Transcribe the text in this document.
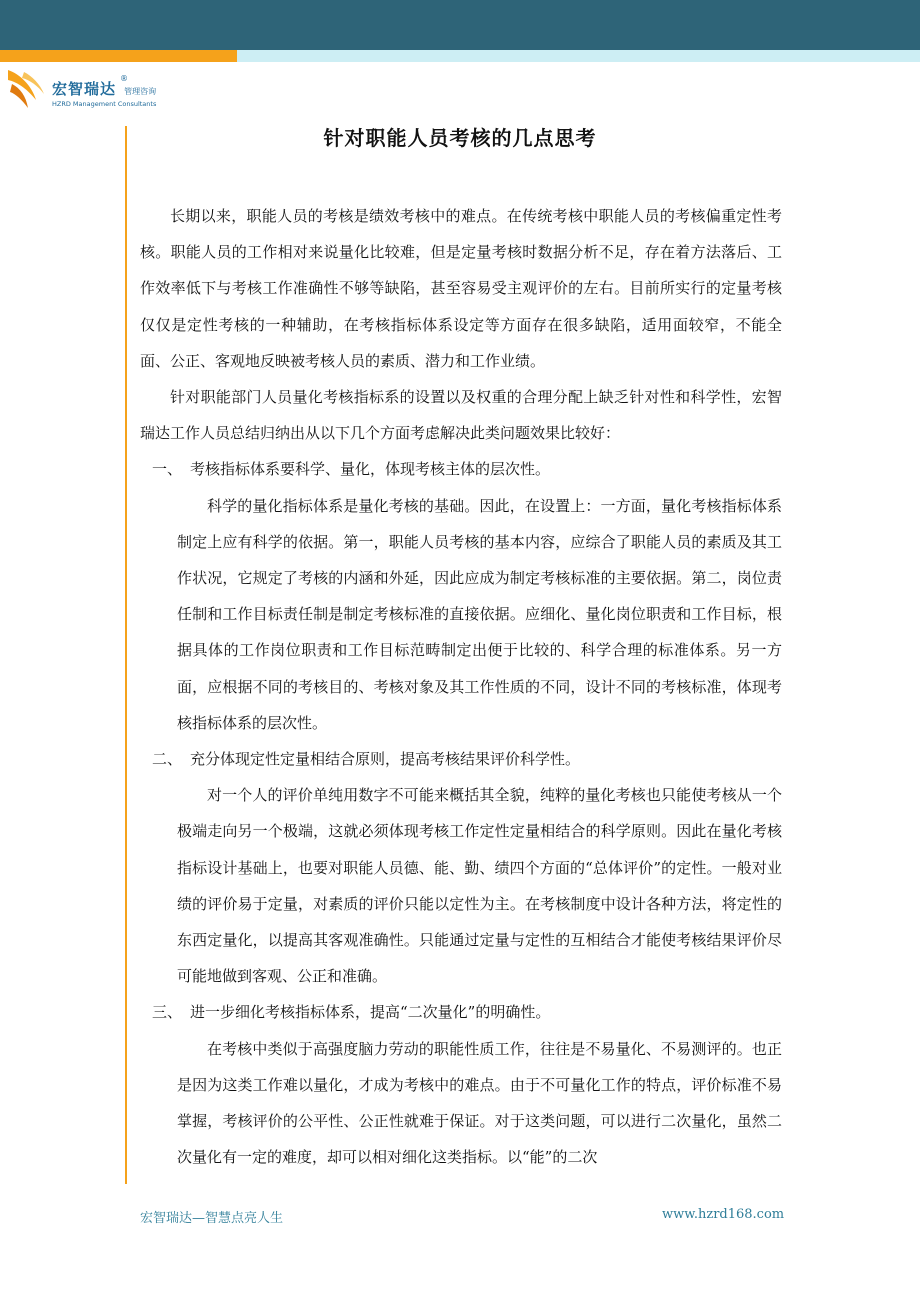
宏智瑞达
®
管理咨询
HZRD Management Consultants
针对职能人员考核的几点思考

长期以来，职能人员的考核是绩效考核中的难点。在传统考核中职能人员的考核偏重定性考核。职能人员的工作相对来说量化比较难，但是定量考核时数据分析不足，存在着方法落后、工作效率低下与考核工作准确性不够等缺陷，甚至容易受主观评价的左右。目前所实行的定量考核仅仅是定性考核的一种辅助，在考核指标体系设定等方面存在很多缺陷，适用面较窄，不能全面、公正、客观地反映被考核人员的素质、潜力和工作业绩。

针对职能部门人员量化考核指标系的设置以及权重的合理分配上缺乏针对性和科学性，宏智瑞达工作人员总结归纳出从以下几个方面考虑解决此类问题效果比较好：

一、 考核指标体系要科学、量化，体现考核主体的层次性。

科学的量化指标体系是量化考核的基础。因此，在设置上：一方面，量化考核指标体系制定上应有科学的依据。第一，职能人员考核的基本内容，应综合了职能人员的素质及其工作状况，它规定了考核的内涵和外延，因此应成为制定考核标准的主要依据。第二，岗位责任制和工作目标责任制是制定考核标准的直接依据。应细化、量化岗位职责和工作目标，根据具体的工作岗位职责和工作目标范畴制定出便于比较的、科学合理的标准体系。另一方面，应根据不同的考核目的、考核对象及其工作性质的不同，设计不同的考核标准，体现考核指标体系的层次性。

二、 充分体现定性定量相结合原则，提高考核结果评价科学性。

对一个人的评价单纯用数字不可能来概括其全貌，纯粹的量化考核也只能使考核从一个极端走向另一个极端，这就必须体现考核工作定性定量相结合的科学原则。因此在量化考核指标设计基础上，也要对职能人员德、能、勤、绩四个方面的“总体评价”的定性。一般对业绩的评价易于定量，对素质的评价只能以定性为主。在考核制度中设计各种方法，将定性的东西定量化，以提高其客观准确性。只能通过定量与定性的互相结合才能使考核结果评价尽可能地做到客观、公正和准确。

三、 进一步细化考核指标体系，提高“二次量化”的明确性。

在考核中类似于高强度脑力劳动的职能性质工作，往往是不易量化、不易测评的。也正是因为这类工作难以量化，才成为考核中的难点。由于不可量化工作的特点，评价标准不易掌握，考核评价的公平性、公正性就难于保证。对于这类问题，可以进行二次量化，虽然二次量化有一定的难度，却可以相对细化这类指标。以“能”的二次

宏智瑞达—智慧点亮人生	www.hzrd168.com
